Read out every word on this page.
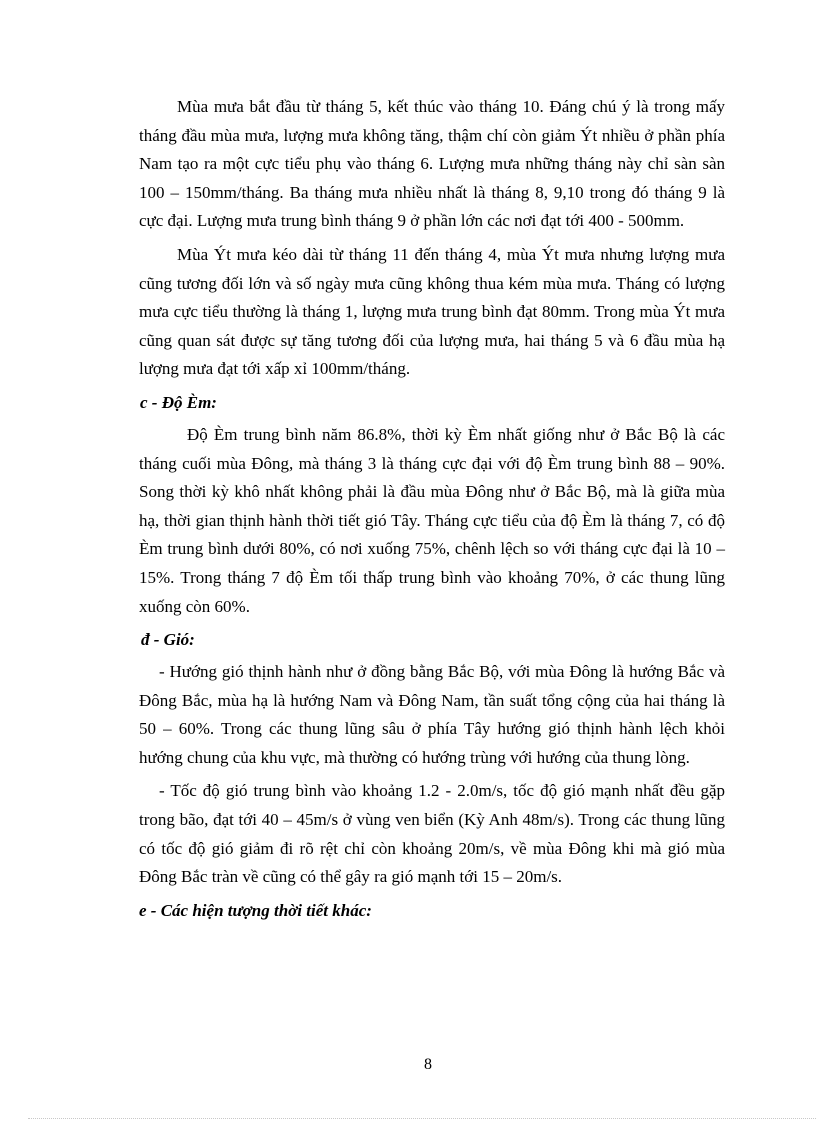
Mùa mưa bắt đầu từ tháng 5, kết thúc vào tháng 10. Đáng chú ý là trong mấy tháng đầu mùa mưa, lượng mưa không tăng, thậm chí còn giảm Ýt nhiều ở phần phía Nam tạo ra một cực tiểu phụ vào tháng 6. Lượng mưa những tháng này chỉ sàn sàn 100 – 150mm/tháng. Ba tháng mưa nhiều nhất là tháng 8, 9,10 trong đó tháng 9 là cực đại. Lượng mưa trung bình tháng 9 ở phần lớn các nơi đạt tới 400 - 500mm.

Mùa Ýt mưa kéo dài từ tháng 11 đến tháng 4, mùa Ýt mưa nhưng lượng mưa cũng tương đối lớn và số ngày mưa cũng không thua kém mùa mưa. Tháng có lượng mưa cực tiểu thường là tháng 1, lượng mưa trung bình đạt 80mm. Trong mùa Ýt mưa cũng quan sát được sự tăng tương đối của lượng mưa, hai tháng 5 và 6 đầu mùa hạ lượng mưa đạt tới xấp xỉ 100mm/tháng.

c - Độ Èm:

Độ Èm trung bình năm 86.8%, thời kỳ Èm nhất giống như ở Bắc Bộ là các tháng cuối mùa Đông, mà tháng 3 là tháng cực đại với độ Èm trung bình 88 – 90%. Song thời kỳ khô nhất không phải là đầu mùa Đông như ở Bắc Bộ, mà là giữa mùa hạ, thời gian thịnh hành thời tiết gió Tây. Tháng cực tiểu của độ Èm là tháng 7, có độ Èm trung bình dưới 80%, có nơi xuống 75%, chênh lệch so với tháng cực đại là 10 – 15%. Trong tháng 7 độ Èm tối thấp trung bình vào khoảng 70%, ở các thung lũng xuống còn 60%.

đ - Gió:

- Hướng gió thịnh hành như ở đồng bằng Bắc Bộ, với mùa Đông là hướng Bắc và Đông Bắc, mùa hạ là hướng Nam và Đông Nam, tần suất tổng cộng của hai tháng là 50 – 60%. Trong các thung lũng sâu ở phía Tây hướng gió thịnh hành lệch khỏi hướng chung của khu vực, mà thường có hướng trùng với hướng của thung lòng.

- Tốc độ gió trung bình vào khoảng 1.2 - 2.0m/s, tốc độ gió mạnh nhất đều gặp trong bão, đạt tới 40 – 45m/s ở vùng ven biển (Kỳ Anh 48m/s). Trong các thung lũng có tốc độ gió giảm đi rõ rệt chỉ còn khoảng 20m/s, về mùa Đông khi mà gió mùa Đông Bắc tràn về cũng có thể gây ra gió mạnh tới 15 – 20m/s.

e - Các hiện tượng thời tiết khác:

8
